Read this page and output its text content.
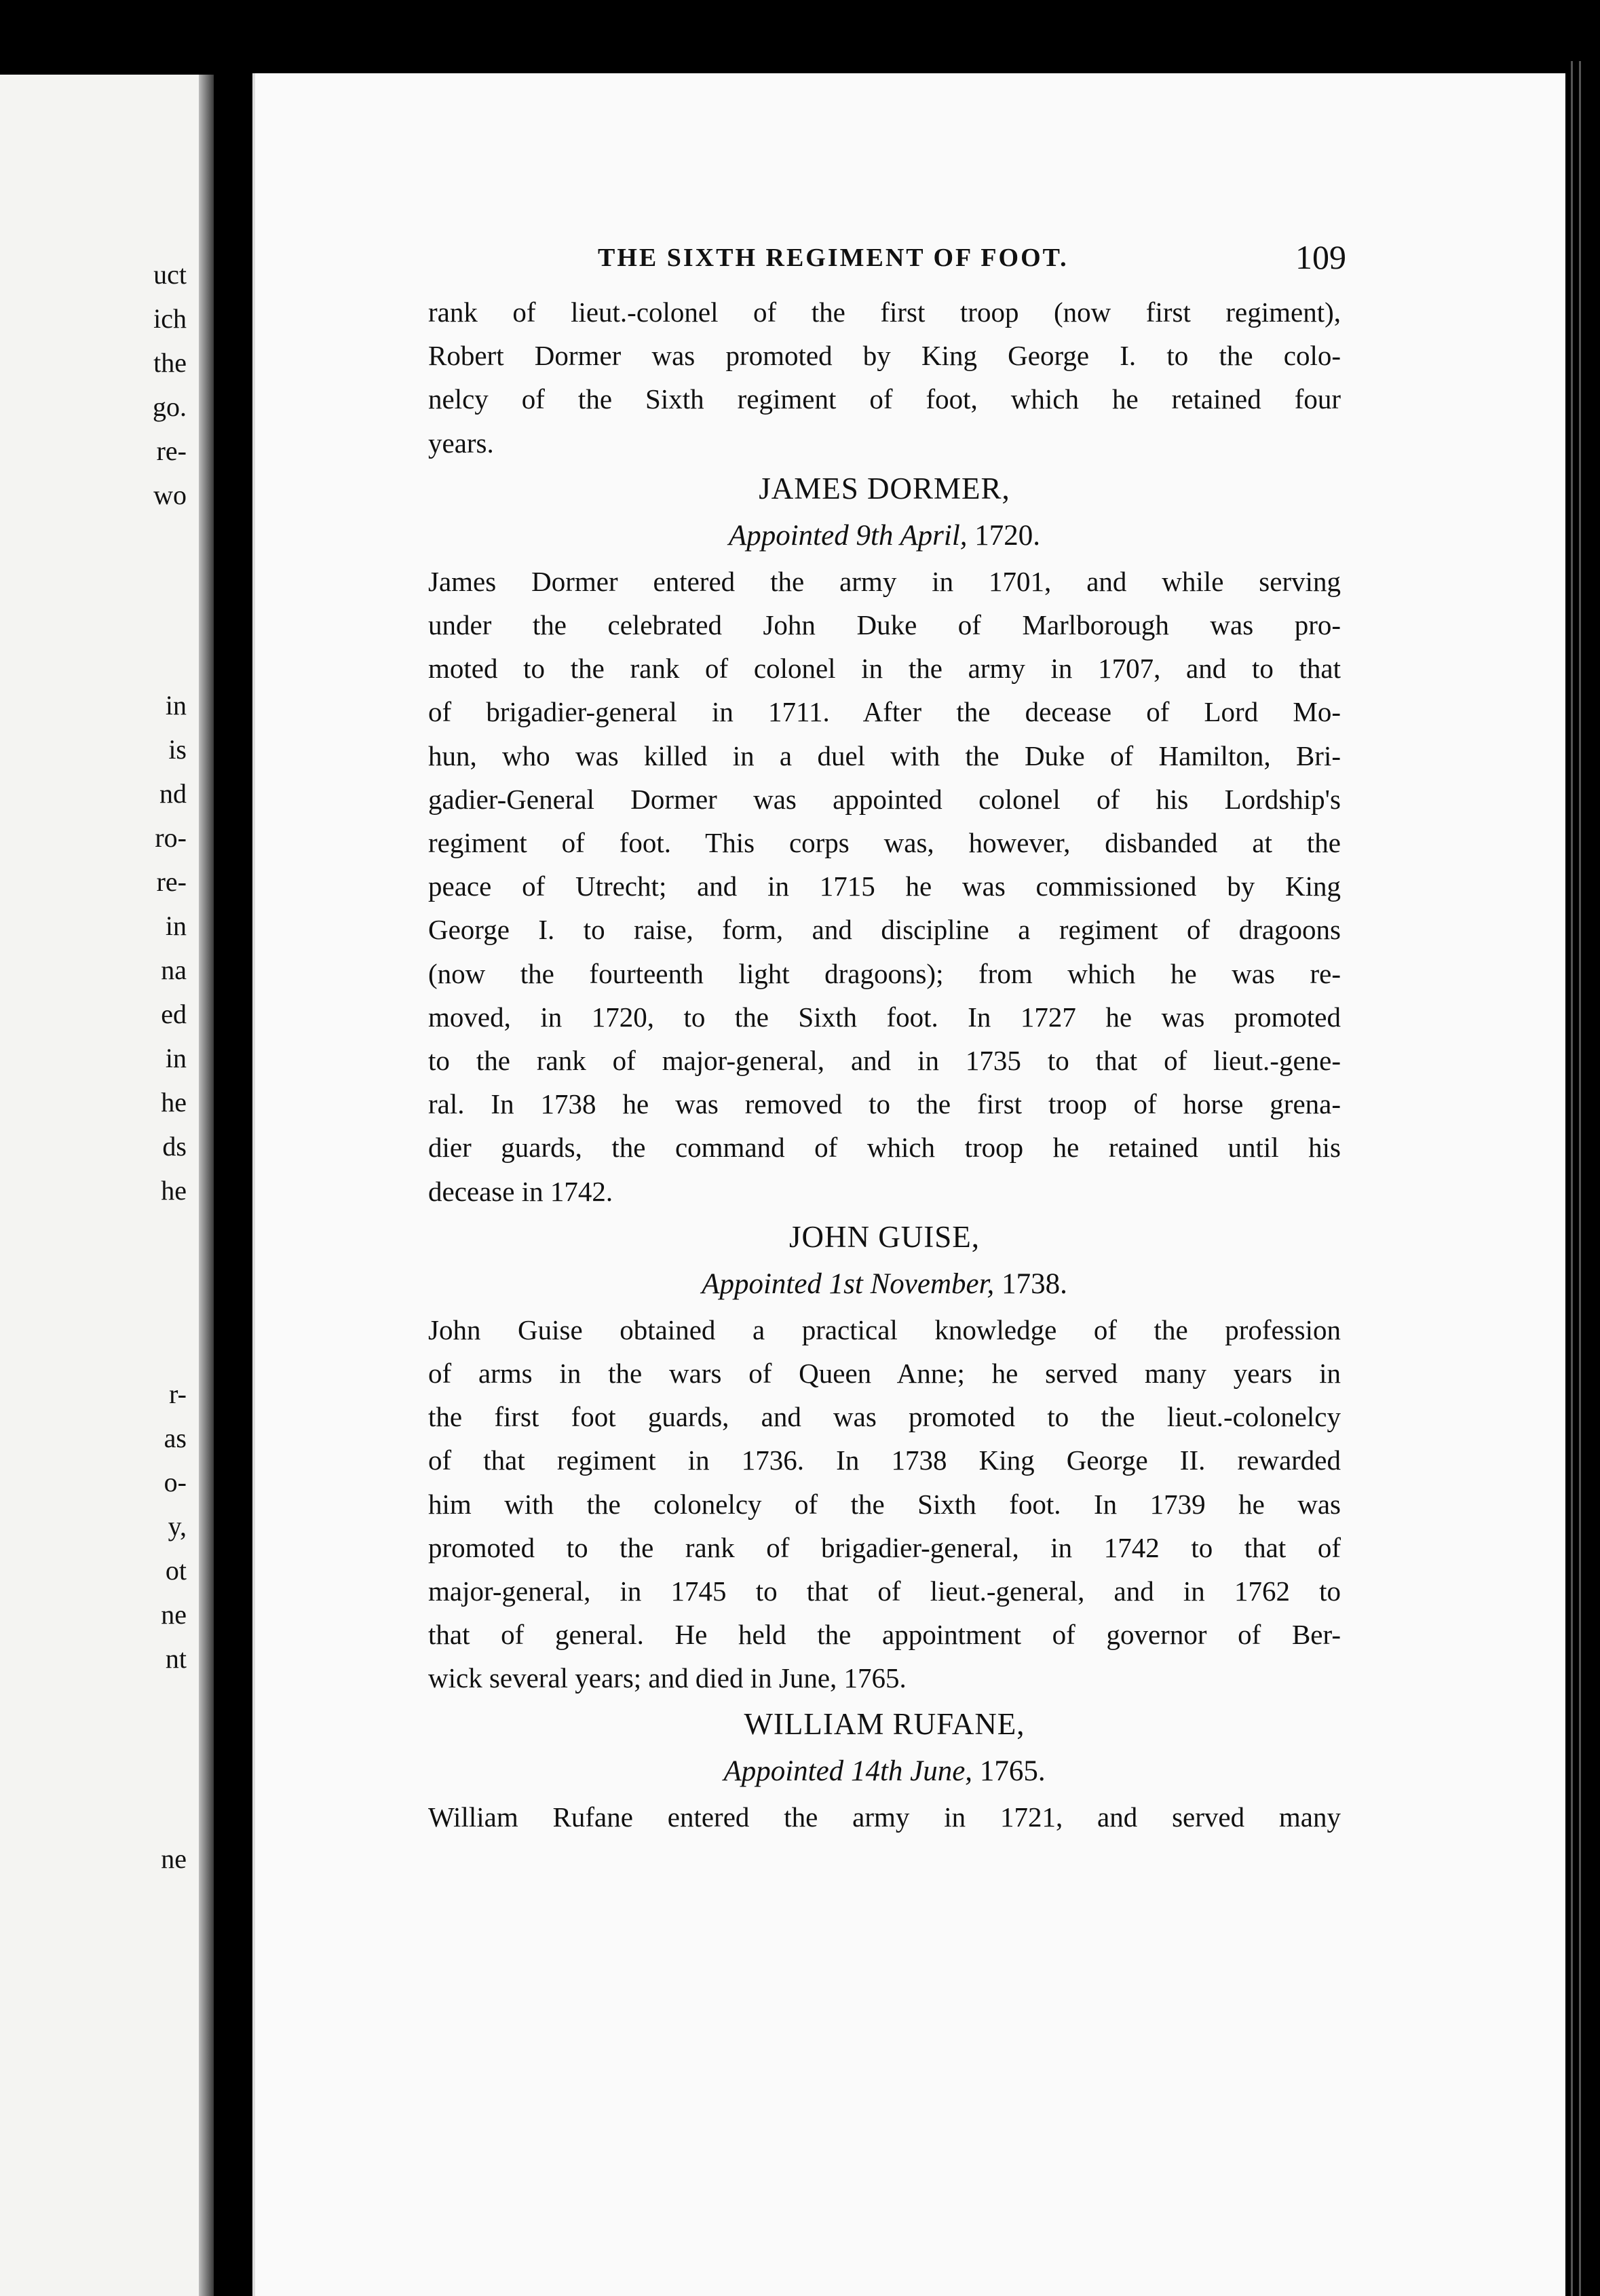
uct
ich
the
go.
re-
wo
in
is
nd
ro-
re-
in
na
ed
in
he
ds
he
r-
as
o-
y,
ot
ne
nt
ne
THE SIXTH REGIMENT OF FOOT.	109

rank of lieut.-colonel of the first troop (now first regiment),

Robert Dormer was promoted by King George I. to the colo-

nelcy of the Sixth regiment of foot, which he retained four

years.

JAMES DORMER,

Appointed 9th April, 1720.

James Dormer entered the army in 1701, and while serving

under the celebrated John Duke of Marlborough was pro-

moted to the rank of colonel in the army in 1707, and to that

of brigadier-general in 1711. After the decease of Lord Mo-

hun, who was killed in a duel with the Duke of Hamilton, Bri-

gadier-General Dormer was appointed colonel of his Lordship's

regiment of foot. This corps was, however, disbanded at the

peace of Utrecht; and in 1715 he was commissioned by King

George I. to raise, form, and discipline a regiment of dragoons

(now the fourteenth light dragoons); from which he was re-

moved, in 1720, to the Sixth foot. In 1727 he was promoted

to the rank of major-general, and in 1735 to that of lieut.-gene-

ral. In 1738 he was removed to the first troop of horse grena-

dier guards, the command of which troop he retained until his

decease in 1742.

JOHN GUISE,

Appointed 1st November, 1738.

John Guise obtained a practical knowledge of the profession

of arms in the wars of Queen Anne; he served many years in

the first foot guards, and was promoted to the lieut.-colonelcy

of that regiment in 1736. In 1738 King George II. rewarded

him with the colonelcy of the Sixth foot. In 1739 he was

promoted to the rank of brigadier-general, in 1742 to that of

major-general, in 1745 to that of lieut.-general, and in 1762 to

that of general. He held the appointment of governor of Ber-

wick several years; and died in June, 1765.

WILLIAM RUFANE,

Appointed 14th June, 1765.

William Rufane entered the army in 1721, and served many
